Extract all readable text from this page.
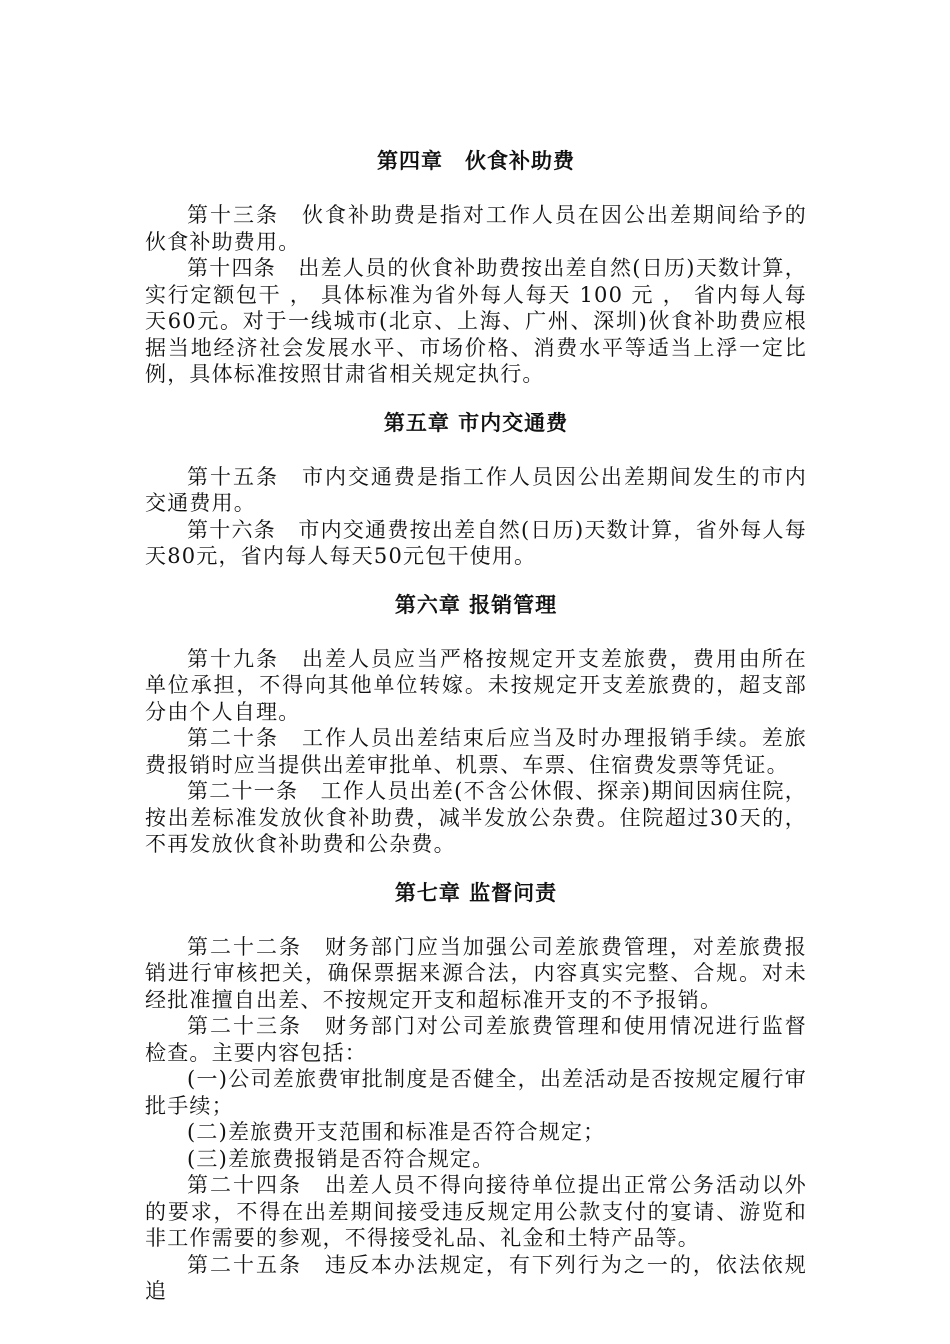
第四章　伙食补助费

第十三条　伙食补助费是指对工作人员在因公出差期间给予的伙食补助费用。

第十四条　出差人员的伙食补助费按出差自然(日历)天数计算，实行定额包干 ， 具体标准为省外每人每天 100 元 ， 省内每人每天60元。对于一线城市(北京、上海、广州、深圳)伙食补助费应根据当地经济社会发展水平、市场价格、消费水平等适当上浮一定比例，具体标准按照甘肃省相关规定执行。

第五章 市内交通费

第十五条　市内交通费是指工作人员因公出差期间发生的市内交通费用。

第十六条　市内交通费按出差自然(日历)天数计算，省外每人每天80元，省内每人每天50元包干使用。

第六章 报销管理

第十九条　出差人员应当严格按规定开支差旅费，费用由所在单位承担，不得向其他单位转嫁。未按规定开支差旅费的，超支部分由个人自理。

第二十条　工作人员出差结束后应当及时办理报销手续。差旅费报销时应当提供出差审批单、机票、车票、住宿费发票等凭证。

第二十一条　工作人员出差(不含公休假、探亲)期间因病住院，按出差标准发放伙食补助费，减半发放公杂费。住院超过30天的，不再发放伙食补助费和公杂费。

第七章 监督问责

第二十二条　财务部门应当加强公司差旅费管理，对差旅费报销进行审核把关，确保票据来源合法，内容真实完整、合规。对未经批准擅自出差、不按规定开支和超标准开支的不予报销。

第二十三条　财务部门对公司差旅费管理和使用情况进行监督检查。主要内容包括：

(一)公司差旅费审批制度是否健全，出差活动是否按规定履行审批手续；

(二)差旅费开支范围和标准是否符合规定；

(三)差旅费报销是否符合规定。

第二十四条　出差人员不得向接待单位提出正常公务活动以外的要求，不得在出差期间接受违反规定用公款支付的宴请、游览和非工作需要的参观，不得接受礼品、礼金和土特产品等。

第二十五条　违反本办法规定，有下列行为之一的，依法依规追
